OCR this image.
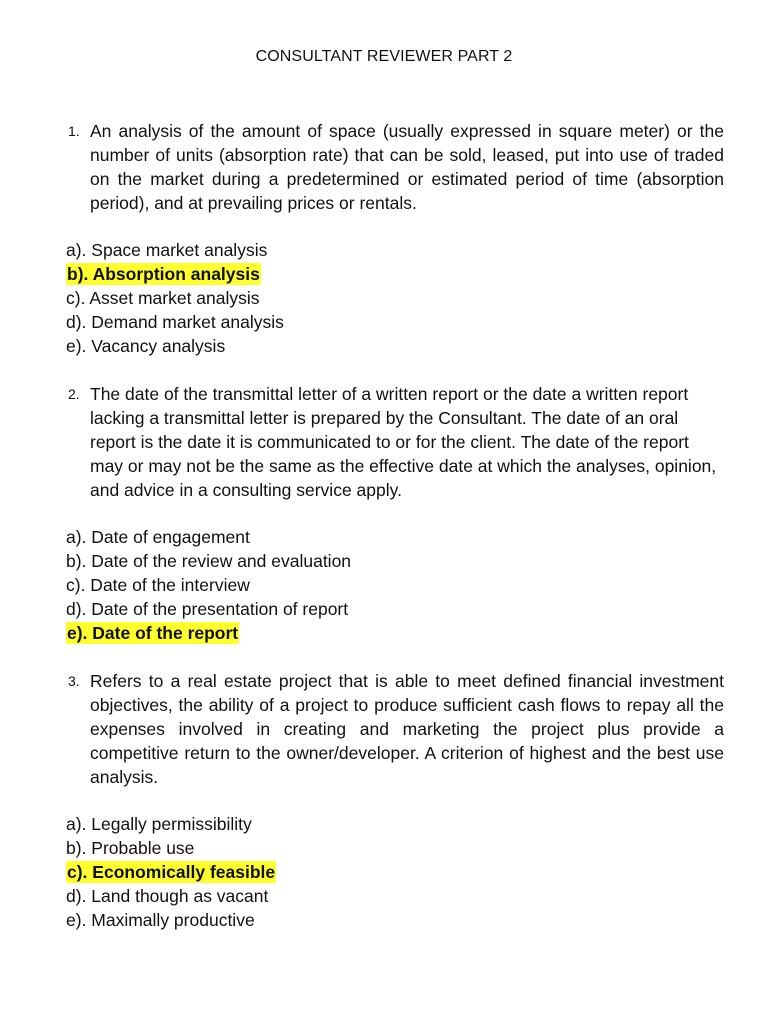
CONSULTANT REVIEWER PART 2
1. An analysis of the amount of space (usually expressed in square meter) or the number of units (absorption rate) that can be sold, leased, put into use of traded on the market during a predetermined or estimated period of time (absorption period), and at prevailing prices or rentals.

a). Space market analysis
b). Absorption analysis
c). Asset market analysis
d). Demand market analysis
e). Vacancy analysis
2. The date of the transmittal letter of a written report or the date a written report lacking a transmittal letter is prepared by the Consultant. The date of an oral report is the date it is communicated to or for the client. The date of the report may or may not be the same as the effective date at which the analyses, opinion, and advice in a consulting service apply.

a). Date of engagement
b). Date of the review and evaluation
c). Date of the interview
d). Date of the presentation of report
e). Date of the report
3. Refers to a real estate project that is able to meet defined financial investment objectives, the ability of a project to produce sufficient cash flows to repay all the expenses involved in creating and marketing the project plus provide a competitive return to the owner/developer. A criterion of highest and the best use analysis.

a). Legally permissibility
b). Probable use
c). Economically feasible
d). Land though as vacant
e). Maximally productive
